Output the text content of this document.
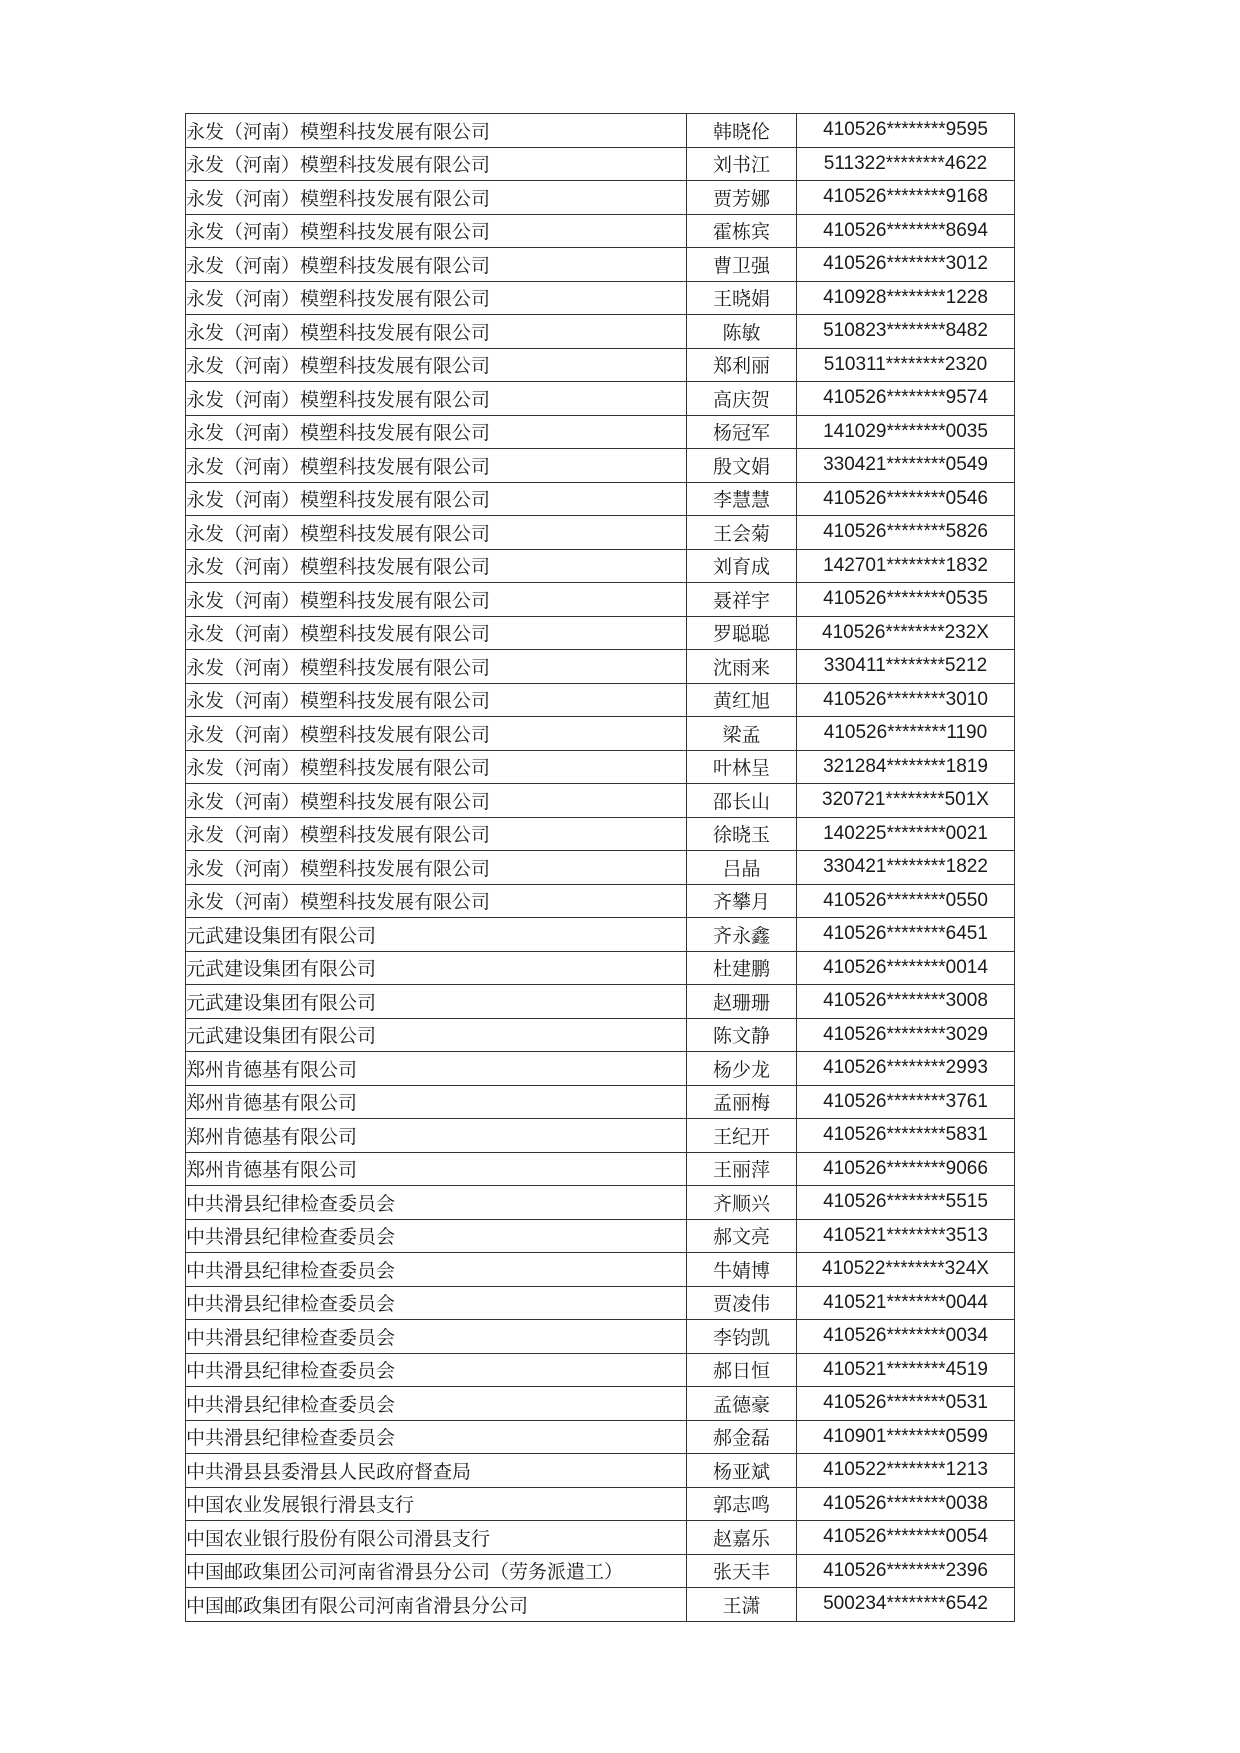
永发（河南）模塑科技发展有限公司	韩晓伦	410526********9595
永发（河南）模塑科技发展有限公司	刘书江	511322********4622
永发（河南）模塑科技发展有限公司	贾芳娜	410526********9168
永发（河南）模塑科技发展有限公司	霍栋宾	410526********8694
永发（河南）模塑科技发展有限公司	曹卫强	410526********3012
永发（河南）模塑科技发展有限公司	王晓娟	410928********1228
永发（河南）模塑科技发展有限公司	陈敏	510823********8482
永发（河南）模塑科技发展有限公司	郑利丽	510311********2320
永发（河南）模塑科技发展有限公司	高庆贺	410526********9574
永发（河南）模塑科技发展有限公司	杨冠军	141029********0035
永发（河南）模塑科技发展有限公司	殷文娟	330421********0549
永发（河南）模塑科技发展有限公司	李慧慧	410526********0546
永发（河南）模塑科技发展有限公司	王会菊	410526********5826
永发（河南）模塑科技发展有限公司	刘育成	142701********1832
永发（河南）模塑科技发展有限公司	聂祥宇	410526********0535
永发（河南）模塑科技发展有限公司	罗聪聪	410526********232X
永发（河南）模塑科技发展有限公司	沈雨来	330411********5212
永发（河南）模塑科技发展有限公司	黄红旭	410526********3010
永发（河南）模塑科技发展有限公司	梁孟	410526********1190
永发（河南）模塑科技发展有限公司	叶林呈	321284********1819
永发（河南）模塑科技发展有限公司	邵长山	320721********501X
永发（河南）模塑科技发展有限公司	徐晓玉	140225********0021
永发（河南）模塑科技发展有限公司	吕晶	330421********1822
永发（河南）模塑科技发展有限公司	齐攀月	410526********0550
元武建设集团有限公司	齐永鑫	410526********6451
元武建设集团有限公司	杜建鹏	410526********0014
元武建设集团有限公司	赵珊珊	410526********3008
元武建设集团有限公司	陈文静	410526********3029
郑州肯德基有限公司	杨少龙	410526********2993
郑州肯德基有限公司	孟丽梅	410526********3761
郑州肯德基有限公司	王纪开	410526********5831
郑州肯德基有限公司	王丽萍	410526********9066
中共滑县纪律检查委员会	齐顺兴	410526********5515
中共滑县纪律检查委员会	郝文亮	410521********3513
中共滑县纪律检查委员会	牛婧博	410522********324X
中共滑县纪律检查委员会	贾凌伟	410521********0044
中共滑县纪律检查委员会	李钧凯	410526********0034
中共滑县纪律检查委员会	郝日恒	410521********4519
中共滑县纪律检查委员会	孟德豪	410526********0531
中共滑县纪律检查委员会	郝金磊	410901********0599
中共滑县县委滑县人民政府督查局	杨亚斌	410522********1213
中国农业发展银行滑县支行	郭志鸣	410526********0038
中国农业银行股份有限公司滑县支行	赵嘉乐	410526********0054
中国邮政集团公司河南省滑县分公司（劳务派遣工）	张天丰	410526********2396
中国邮政集团有限公司河南省滑县分公司	王潇	500234********6542
